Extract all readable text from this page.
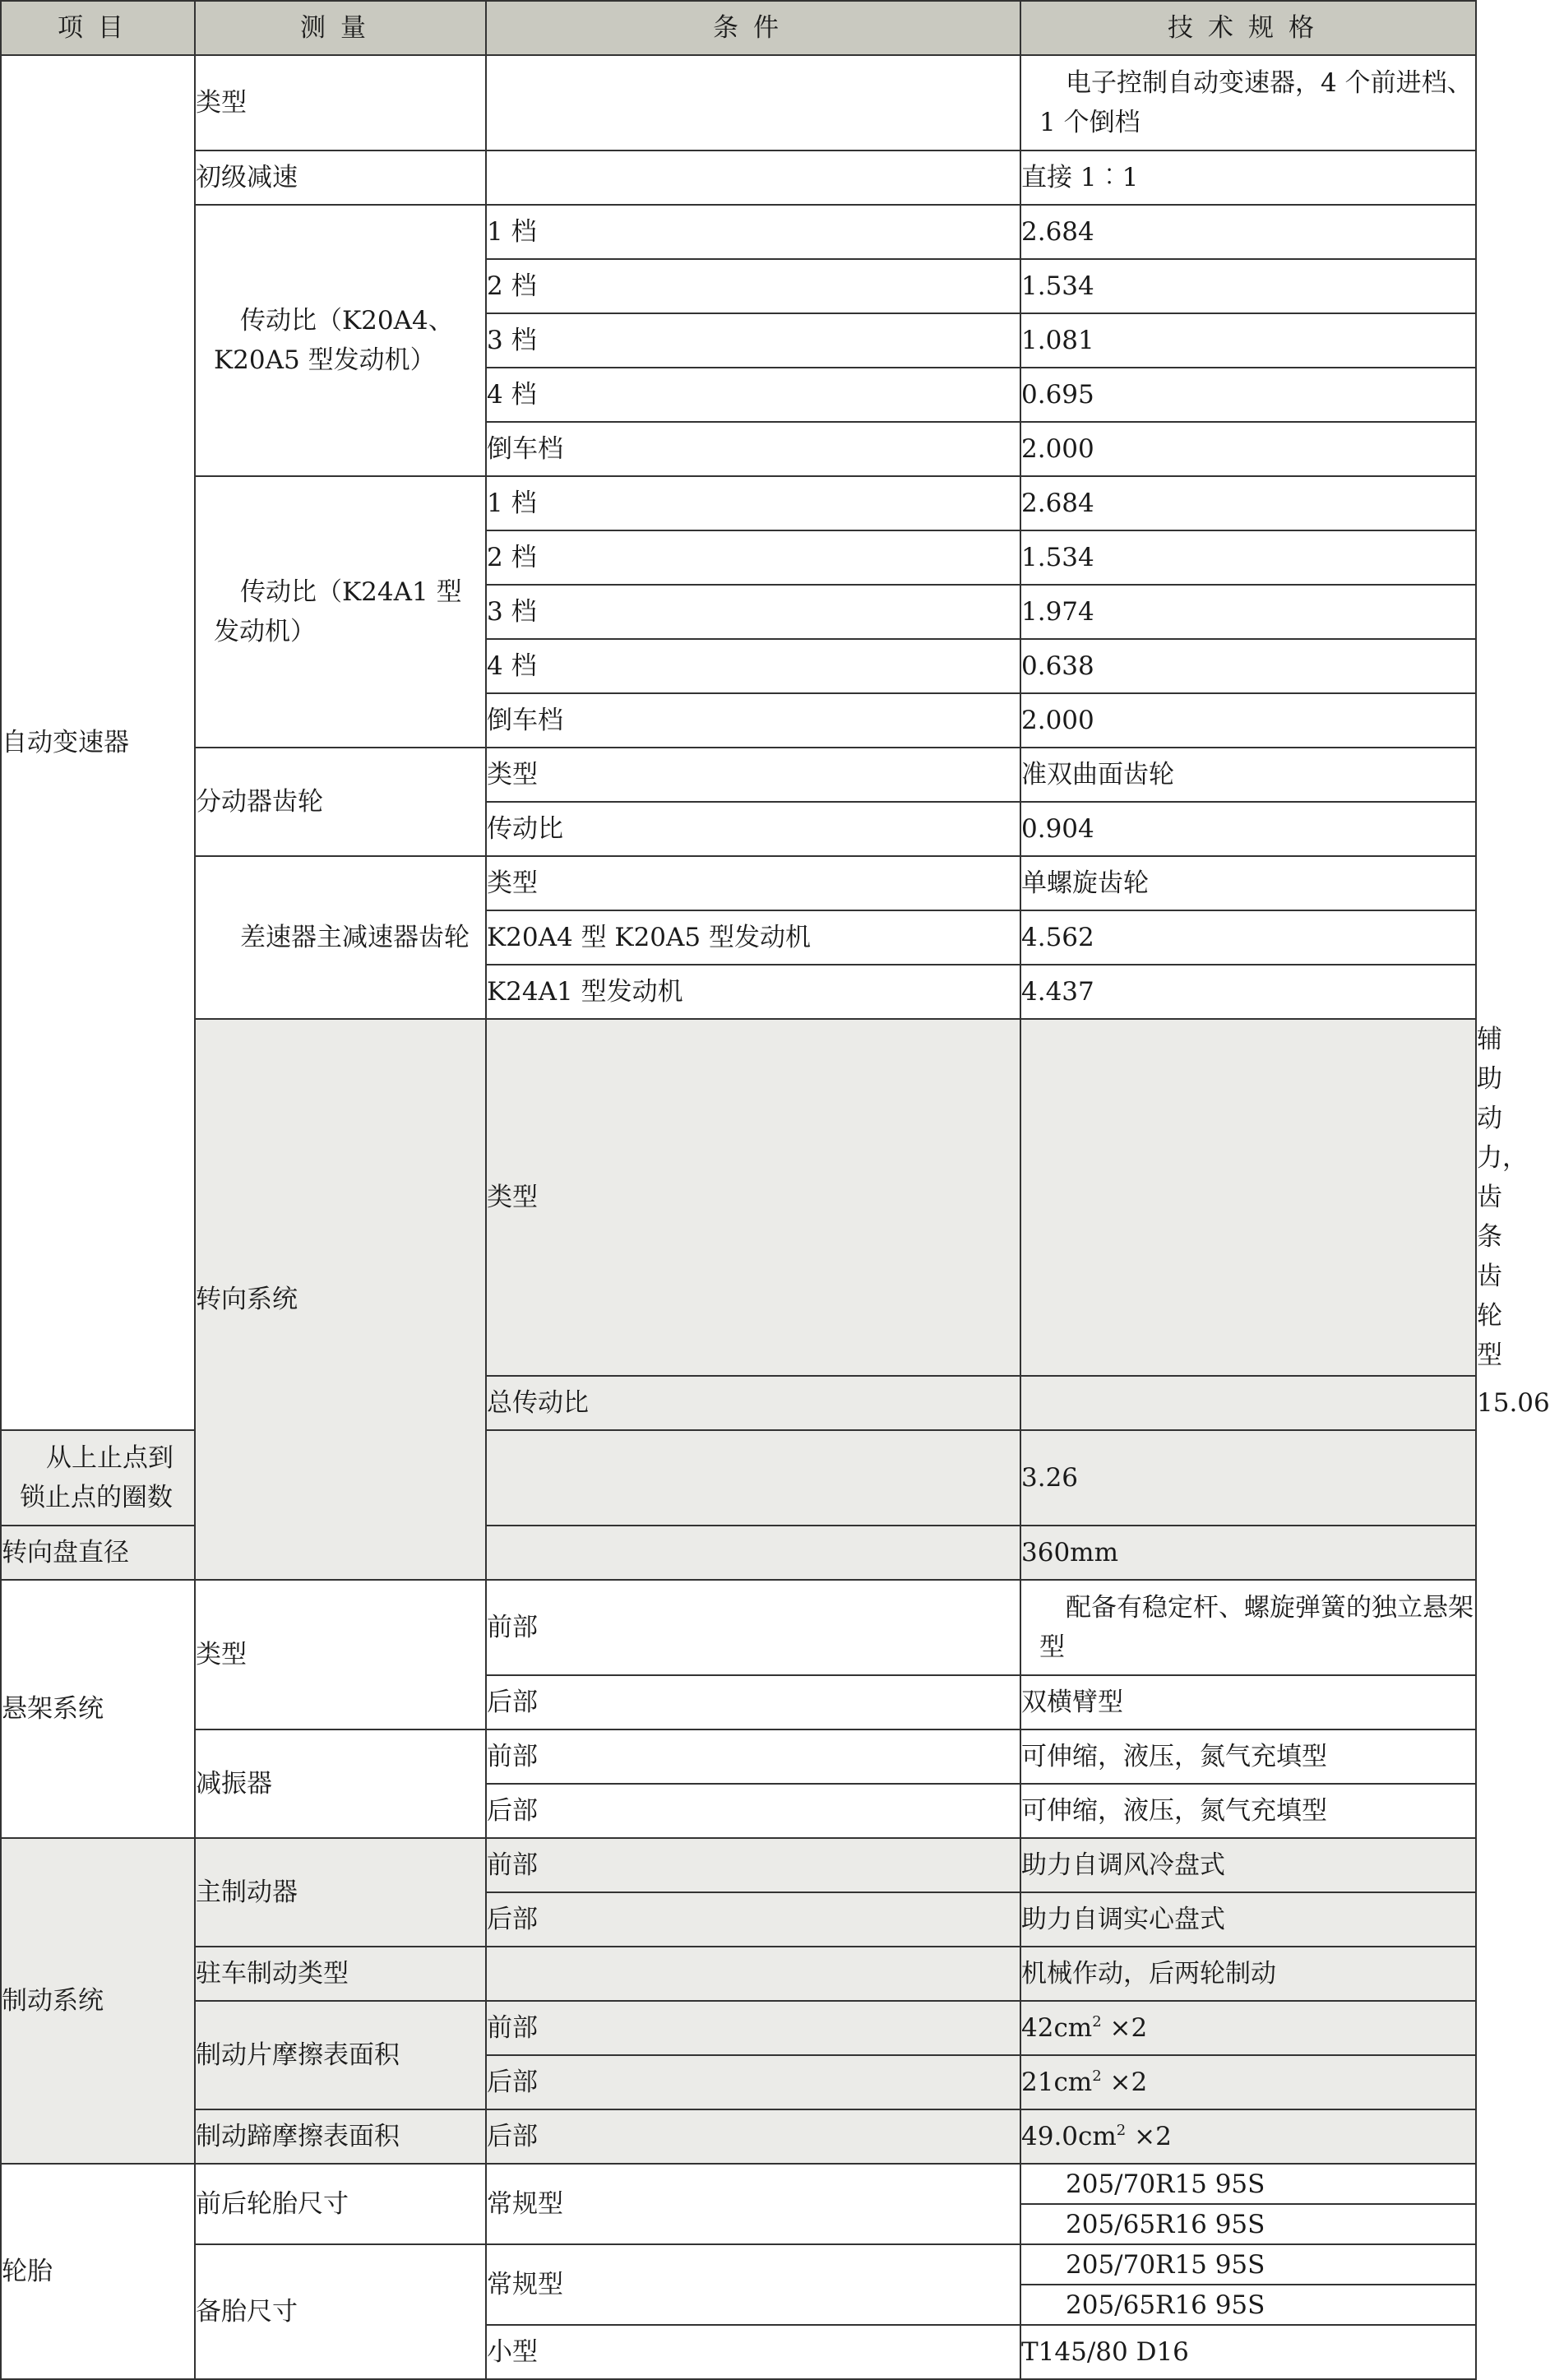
项目	测量	条件	技术规格	
自动变速器	类型		电子控制自动变速器，4 个前进档、1 个倒档	
	初级减速		直接 1︰1	
	传动比（K20A4、K20A5 型发动机）	1 档	2.684	
		2 档	1.534	
		3 档	1.081	
		4 档	0.695	
		倒车档	2.000	
	传动比（K24A1 型发动机）	1 档	2.684	
		2 档	1.534	
		3 档	1.974	
		4 档	0.638	
		倒车档	2.000	
	分动器齿轮	类型	准双曲面齿轮	
		传动比	0.904	
	差速器主减速器齿轮	类型	单螺旋齿轮	
		K20A4 型 K20A5 型发动机	4.562	
		K24A1 型发动机	4.437	
	转向系统	类型		辅助动力，齿条齿轮型
		总传动比		15.06
从上止点到锁止点的圈数			3.26	
转向盘直径			360mm	
悬架系统	类型	前部	配备有稳定杆、螺旋弹簧的独立悬架型	
		后部	双横臂型	
	减振器	前部	可伸缩，液压，氮气充填型	
		后部	可伸缩，液压，氮气充填型	
制动系统	主制动器	前部	助力自调风冷盘式	
		后部	助力自调实心盘式	
	驻车制动类型		机械作动，后两轮制动	
	制动片摩擦表面积	前部	$42cm^2 \times 2$	
		后部	$21cm^2 \times 2$	
	制动蹄摩擦表面积	后部	$49.0cm^2 \times 2$	
轮胎	前后轮胎尺寸	常规型	205/70R15 95S	
			205/65R16 95S	
	备胎尺寸	常规型	205/70R15 95S	
			205/65R16 95S	
		小型	T145/80 D16	
